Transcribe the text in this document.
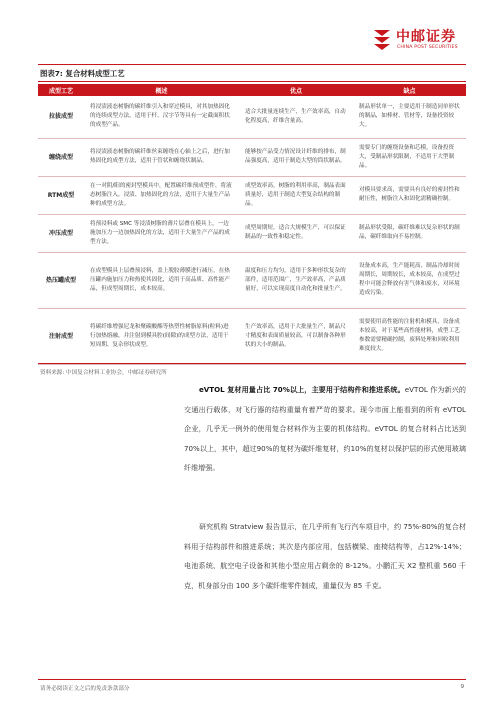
中邮证券
CHINA POST SECURITIES
图表7: 复合材料成型工艺
成型工艺	概述	优点	缺点
拉拔成型	将浸渍液态树脂的碳纤维引入和穿过模具，对其加热固化的连续成型方法，适用于杆、汉字节等具有一定截面积状的成型产品。	适合大批量连续生产，生产效率高，自动化程度高，纤维含量高。	制品形状单一，主要适用于制造同单形状的制品，如棒材、管材等，设备投资较大。
缠绕成型	将浸渍液态树脂的碳纤维丝束缠绕在心轴上之后，进行加热固化的成型方法，适用于管状和缠绕状制品。	能够按产品受力情况设计纤维的排布，制品强度高，适用于制造大型的筒状制品。	需要专门的缠绕设备和芯模，设备投资大，受制品形状限制，不适用于大型制品。
RTM成型	在一对阴/阳的密封型模具中，配置碳纤维预成型件，将液态树脂注入，浸渍、加热固化的方法，适用于大量生产品种的成型方法。	成型效率高，树脂的利用率高，制品表面质量好，适用于制造大型复杂结构的制品。	对模具要求高，需要具有良好的密封性和耐压性，树脂注入和固化需精确控制。
冲压成型	将预浸料或 SMC 等浸渍树脂的薄片层叠在模具上，一边施加压力一边加热固化的方法，适用于大量生产产品的成型方法。	成型周期短，适合大规模生产，可以保证制品的一致性和稳定性。	制品形状受限，碳纤维难以复杂形状的制品，碳纤维取向不易控制。
热压罐成型	在成型模具上层叠预浸料，盖上脱胶薄膜进行减压，在热压罐内施加压力和热使其固化，适用于高品质、高性能产品，但成型周期长，成本较高。	温度和压力均匀，适用于多种形状复杂的部件，适用范围广，生产效率高，产品质量好，可以实现高度自动化和批量生产。	设备成本高，生产能耗高，制品冷却时间周期长，周期较长，成本较高，在成型过程中可能会释放有害气体和废水，对环境造成污染。
注射成型	将碳纤维增强尼龙和聚碳酸酯等热塑性树脂原料(粒料)进行加热熔融，并注射到模具腔(间隙)的成型方法，适用于短周期、复杂形状成型。	生产效率高，适用于大批量生产，制品尺寸精度和表面质量较高，可以制备各种形状的大小的制品。	需要使用高性能的注射机和模具，设备成本较高，对于某些高性能材料，成型工艺参数需要精确控制，废料处理和回收利用难度较大。
资料来源: 中国复合材料工业协会，中邮证券研究所

eVTOL 复材用量占比 70%以上，主要用于结构件和推进系统。eVTOL 作为新兴的交通出行载体，对飞行器的结构重量有着严苛的要求。现今市面上能看到的所有 eVTOL 企业，几乎无一例外的使用复合材料作为主要的机体结构。eVTOL 的复合材料占比达到 70%以上，其中，超过90%的复材为碳纤维复材，约10%的复材以保护层的形式使用玻璃纤维增强。

研究机构 Stratview 报告显示，在几乎所有飞行汽车项目中，约 75%-80%的复合材料用于结构部件和推进系统；其次是内部应用，包括横梁、座椅结构等，占12%-14%；电池系统、航空电子设备和其他小型应用占剩余的 8-12%。小鹏汇天 X2 整机重 560 千克，机身部分由 100 多个碳纤维零件制成，重量仅为 85 千克。

请务必阅读正文之后的免责条款部分	9
